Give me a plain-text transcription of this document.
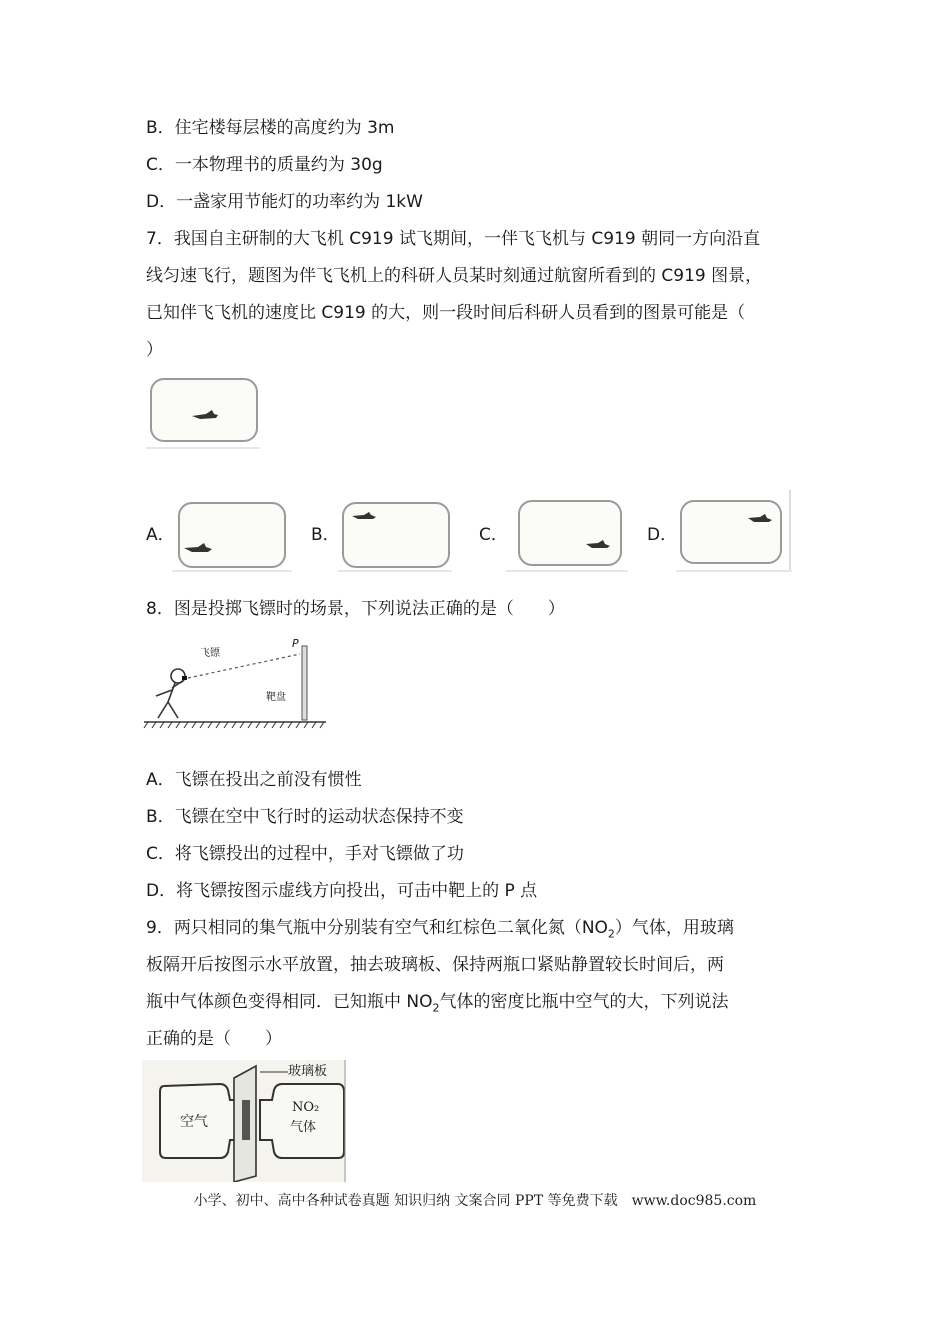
B．住宅楼每层楼的高度约为 3m
C．一本物理书的质量约为 30g
D．一盏家用节能灯的功率约为 1kW
7．我国自主研制的大飞机 C919 试飞期间，一伴飞飞机与 C919 朝同一方向沿直
线匀速飞行，题图为伴飞飞机上的科研人员某时刻通过航窗所看到的 C919 图景，
已知伴飞飞机的速度比 C919 的大，则一段时间后科研人员看到的图景可能是（
）
A．	B．	C．	D．
8．图是投掷飞镖时的场景，下列说法正确的是（　　）
飞镖
P
靶盘
A．飞镖在投出之前没有惯性
B．飞镖在空中飞行时的运动状态保持不变
C．将飞镖投出的过程中，手对飞镖做了功
D．将飞镖按图示虚线方向投出，可击中靶上的 P 点
9．两只相同的集气瓶中分别装有空气和红棕色二氧化氮$(NO_2)$气体，用玻璃
板隔开后按图示水平放置，抽去玻璃板、保持两瓶口紧贴静置较长时间后，两
瓶中气体颜色变得相同．已知瓶中 $NO_2$气体的密度比瓶中空气的大，下列说法
正确的是（　　）
空气
玻璃板
NO₂
气体
小学、初中、高中各种试卷真题 知识归纳 文案合同 PPT 等免费下载　www.doc985.com
